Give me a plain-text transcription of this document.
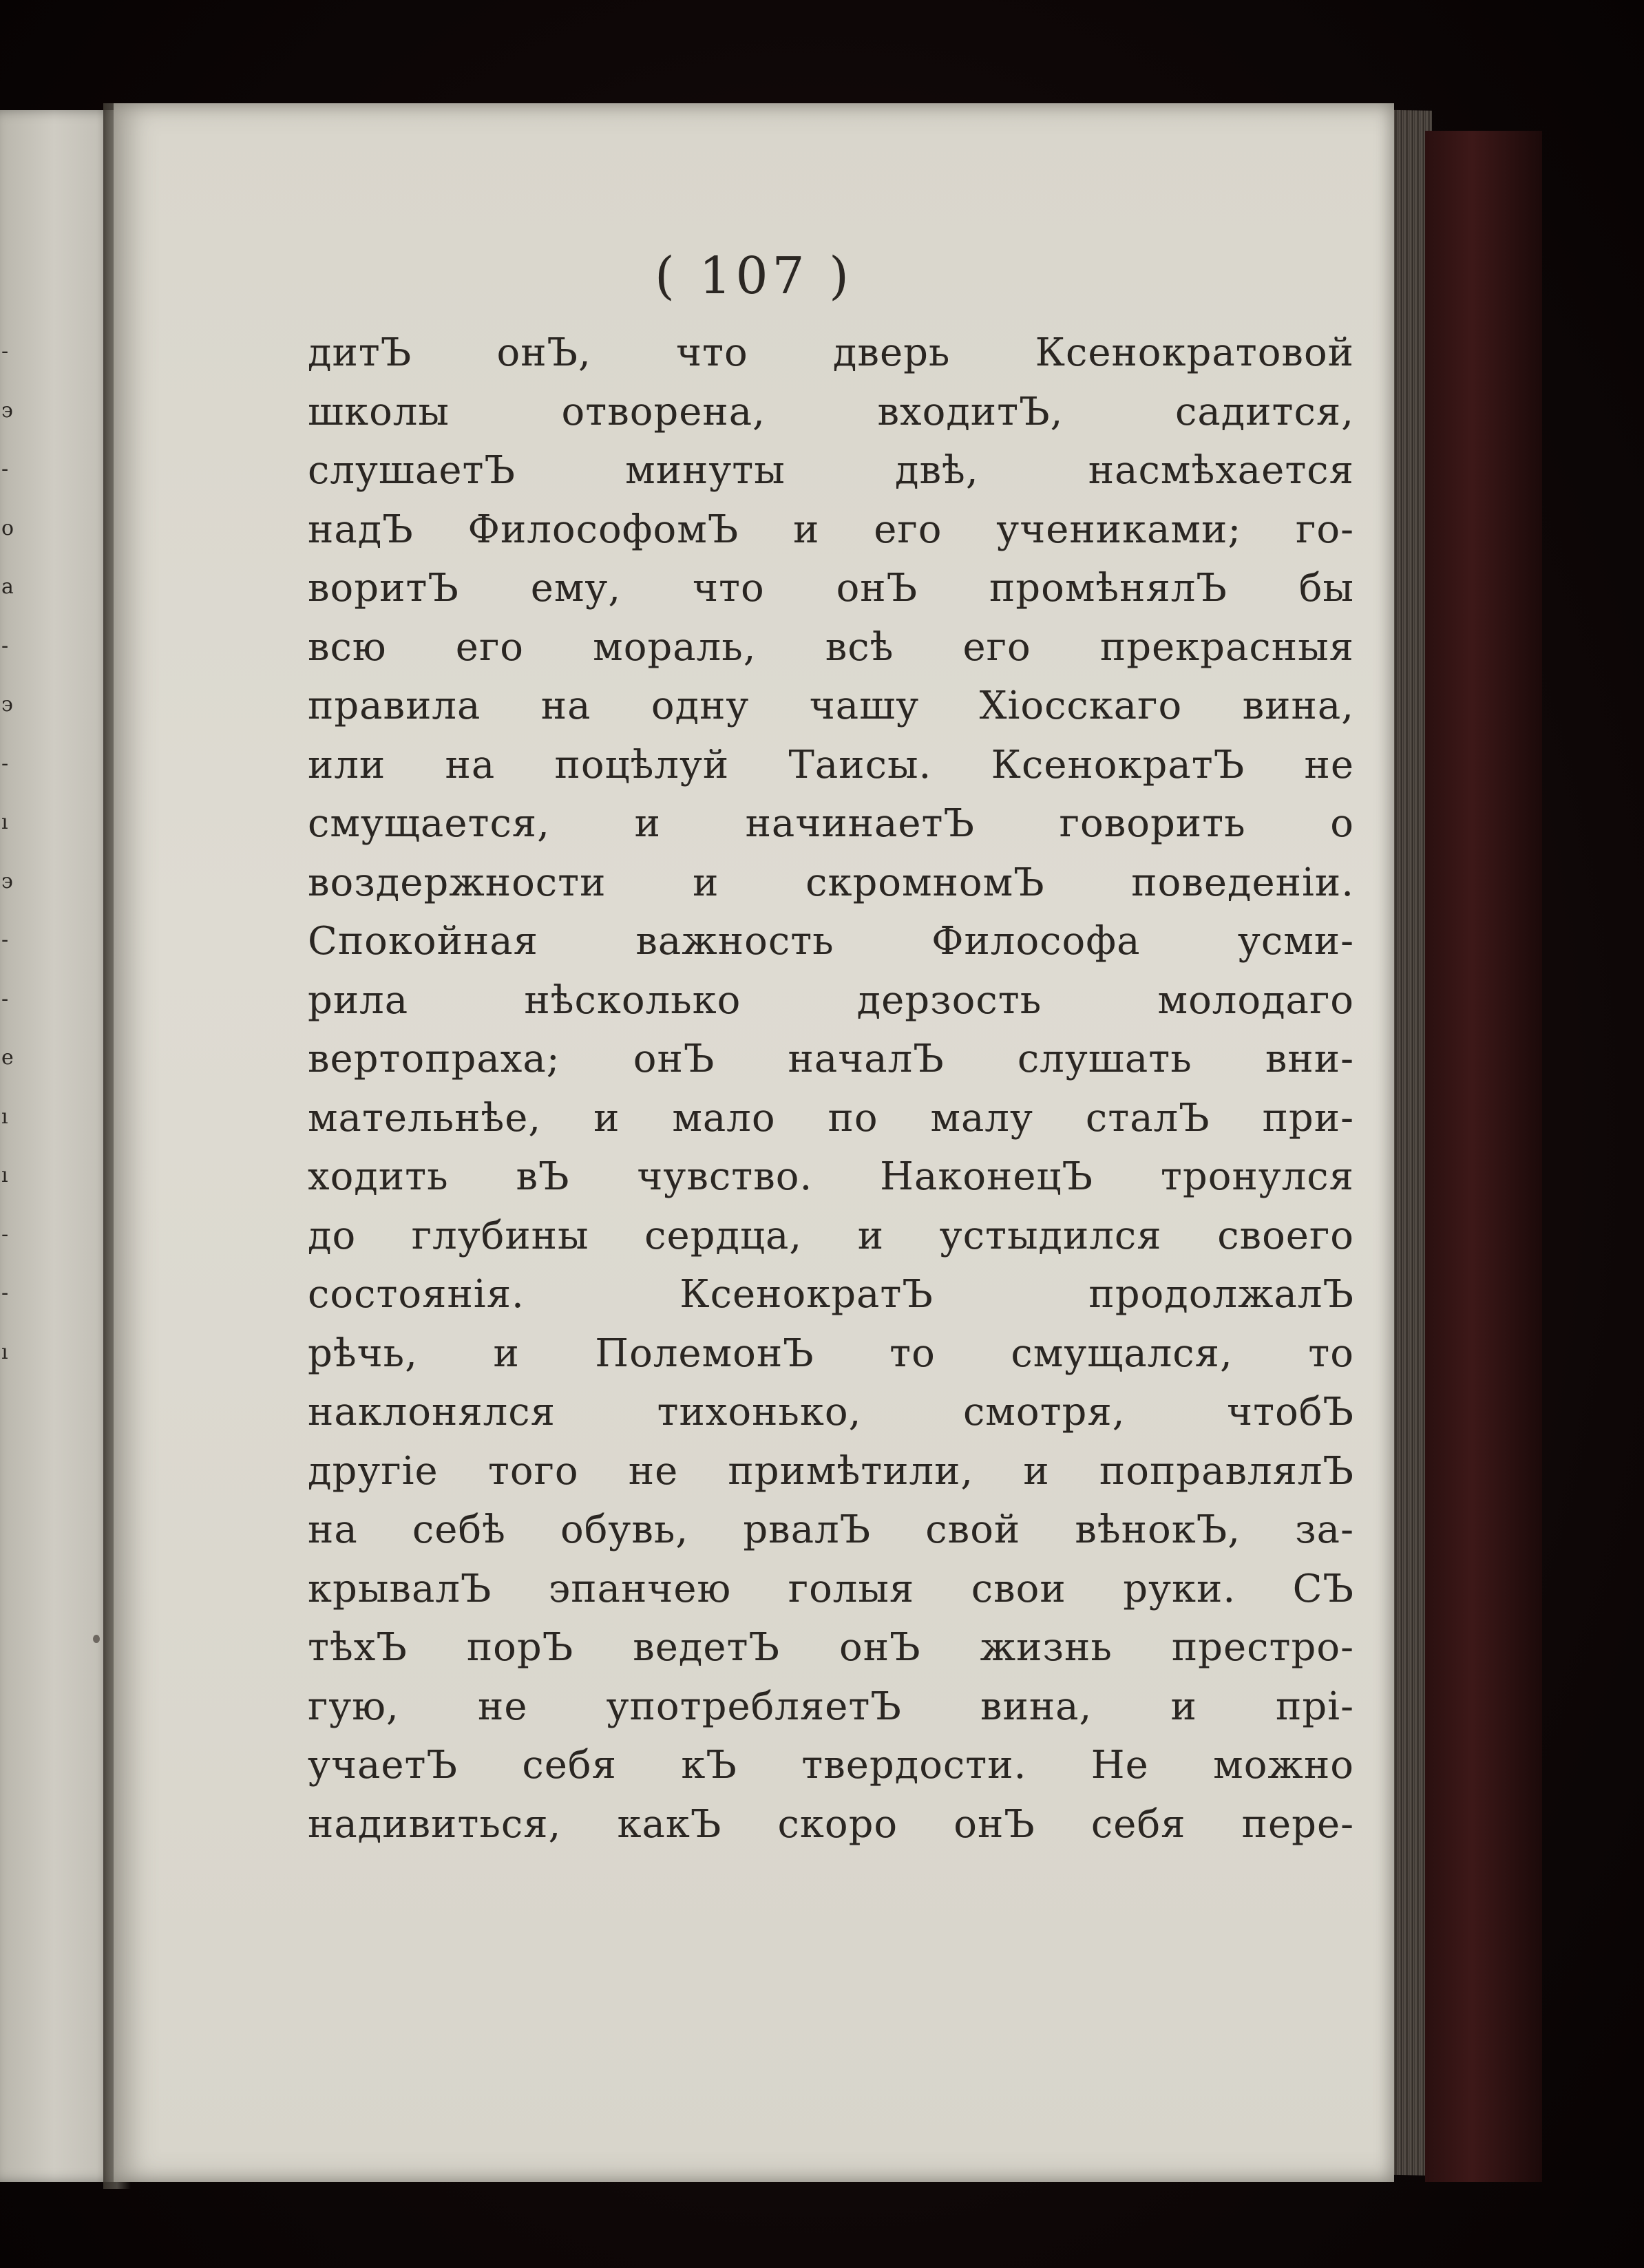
-
э
-
о
а
-
э
-
ı
э
-
-
e
ı
ı
-
-
ı
( 107 )
дитЪ онЪ, что дверь Ксенократовой
школы отворена, входитЪ, садится,
слушаетЪ минуты двѣ, насмѣхается
надЪ ФилософомЪ и его учениками; го-
воритЪ ему, что онЪ промѣнялЪ бы
всю его мораль, всѣ его прекрасныя
правила на одну чашу Хіосскаго вина,
или на поцѣлуй Таисы. КсенократЪ не
смущается, и начинаетЪ говорить о
воздержности и скромномЪ поведеніи.
Спокойная важность Философа усми-
рила нѣсколько дерзость молодаго
вертопраха; онЪ началЪ слушать вни-
мательнѣе, и мало по малу сталЪ при-
ходить вЪ чувство. НаконецЪ тронулся
до глубины сердца, и устыдился своего
состоянія. КсенократЪ продолжалЪ
рѣчь, и ПолемонЪ то смущался, то
наклонялся тихонько, смотря, чтобЪ
другіе того не примѣтили, и поправлялЪ
на себѣ обувь, рвалЪ свой вѣнокЪ, за-
крывалЪ эпанчею голыя свои руки. СЪ
тѣхЪ порЪ ведетЪ онЪ жизнь престро-
гую, не употребляетЪ вина, и прі-
учаетЪ себя кЪ твердости. Не можно
надивиться, какЪ скоро онЪ себя пере-
